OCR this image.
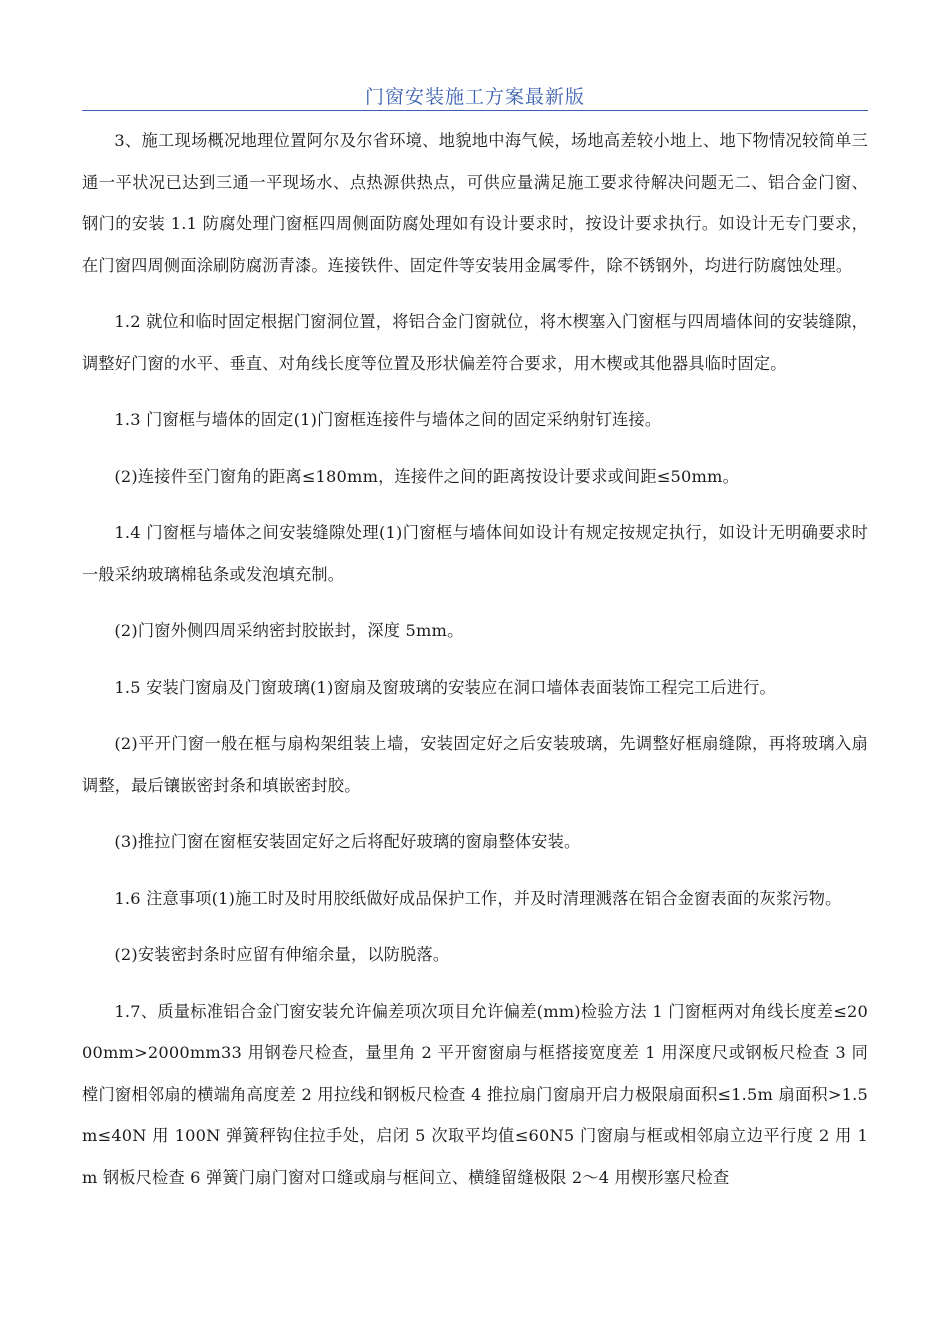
门窗安装施工方案最新版

3、施工现场概况地理位置阿尔及尔省环境、地貌地中海气候，场地高差较小地上、地下物情况较简单三通一平状况已达到三通一平现场水、点热源供热点，可供应量满足施工要求待解决问题无二、铝合金门窗、钢门的安装 1.1 防腐处理门窗框四周侧面防腐处理如有设计要求时，按设计要求执行。如设计无专门要求，在门窗四周侧面涂刷防腐沥青漆。连接铁件、固定件等安装用金属零件，除不锈钢外，均进行防腐蚀处理。

1.2 就位和临时固定根据门窗洞位置，将铝合金门窗就位，将木楔塞入门窗框与四周墙体间的安装缝隙，调整好门窗的水平、垂直、对角线长度等位置及形状偏差符合要求，用木楔或其他器具临时固定。

1.3 门窗框与墙体的固定(1)门窗框连接件与墙体之间的固定采纳射钉连接。

(2)连接件至门窗角的距离≤180mm，连接件之间的距离按设计要求或间距≤50mm。

1.4 门窗框与墙体之间安装缝隙处理(1)门窗框与墙体间如设计有规定按规定执行，如设计无明确要求时一般采纳玻璃棉毡条或发泡填充制。

(2)门窗外侧四周采纳密封胶嵌封，深度 5mm。

1.5 安装门窗扇及门窗玻璃(1)窗扇及窗玻璃的安装应在洞口墙体表面装饰工程完工后进行。

(2)平开门窗一般在框与扇构架组装上墙，安装固定好之后安装玻璃，先调整好框扇缝隙，再将玻璃入扇调整，最后镶嵌密封条和填嵌密封胶。

(3)推拉门窗在窗框安装固定好之后将配好玻璃的窗扇整体安装。

1.6 注意事项(1)施工时及时用胶纸做好成品保护工作，并及时清理溅落在铝合金窗表面的灰浆污物。

(2)安装密封条时应留有伸缩余量，以防脱落。

1.7、质量标准铝合金门窗安装允许偏差项次项目允许偏差(mm)检验方法 1 门窗框两对角线长度差≤2000mm>2000mm33 用钢卷尺检查，量里角 2 平开窗窗扇与框搭接宽度差 1 用深度尺或钢板尺检查 3 同樘门窗相邻扇的横端角高度差 2 用拉线和钢板尺检查 4 推拉扇门窗扇开启力极限扇面积≤1.5m 扇面积>1.5m≤40N 用 100N 弹簧秤钩住拉手处，启闭 5 次取平均值≤60N5 门窗扇与框或相邻扇立边平行度 2 用 1m 钢板尺检查 6 弹簧门扇门窗对口缝或扇与框间立、横缝留缝极限 2～4 用楔形塞尺检查
